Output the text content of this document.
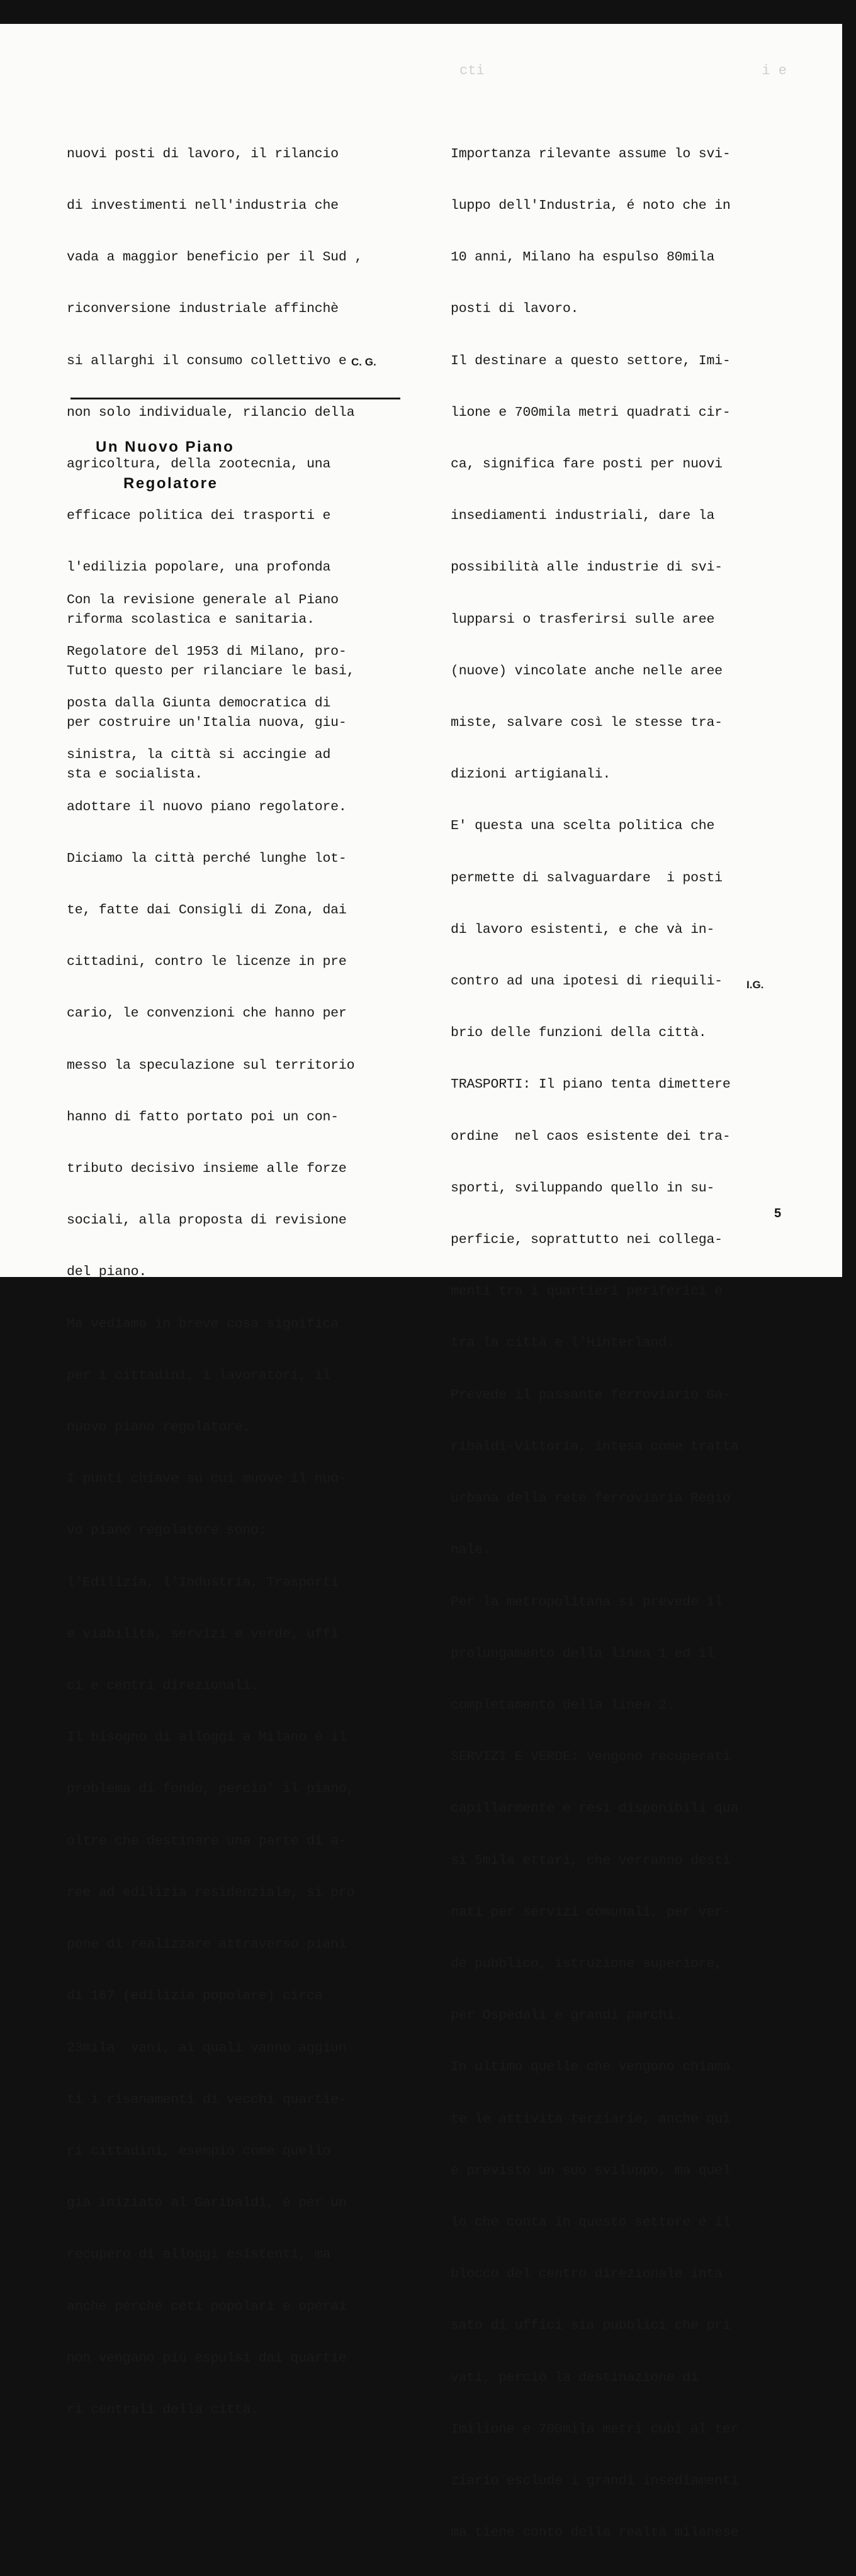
cti	i e

nuovi posti di lavoro, il rilancio

di investimenti nell'industria che

vada a maggior beneficio per il Sud ,

riconversione industriale affinchè

si allarghi il consumo collettivo e

non solo individuale, rilancio della

agricoltura, della zootecnia, una

efficace politica dei trasporti e

l'edilizia popolare, una profonda

riforma scolastica e sanitaria.

Tutto questo per rilanciare le basi,

per costruire un'Italia nuova, giu-

sta e socialista.

C. G.
Un Nuovo Piano
Regolatore

Con la revisione generale al Piano

Regolatore del 1953 di Milano, pro-

posta dalla Giunta democratica di

sinistra, la città si accingie ad

adottare il nuovo piano regolatore.

Diciamo la città perché lunghe lot-

te, fatte dai Consigli di Zona, dai

cittadini, contro le licenze in pre

cario, le convenzioni che hanno per

messo la speculazione sul territorio

hanno di fatto portato poi un con-

tributo decisivo insieme alle forze

sociali, alla proposta di revisione

del piano.

Ma vediamo in breve cosa significa

per i cittadini, i lavoratori, il

nuovo piano regolatore.

I punti chiave su cui muove il nuo-

vo piano regolatore sono:

l'Edilizia, l'Industria, Trasporti

e viabilità, servizi e verde, uffi

ci e centri direzionali.

Il bisogno di alloggi a Milano é il

problema di fondo, percio' il piano,

oltre che destinare una parte di a-

ree ad edilizia residenziale, si pro

pone di realizzare attraverso piani

di 167 (edilizia popolare) circa

23mila  vani, ai quali vanno aggiun

ti i risanamenti di vecchi quartie-

ri cittadini, esempio come quello

già iniziato al Garibaldi, é per un

recupero di alloggi esistenti, ma

anche perché ceti popolari e operai

non vengano più espulsi dai quartie

ri centrali della città.

Importanza rilevante assume lo svi-

luppo dell'Industria, é noto che in

10 anni, Milano ha espulso 80mila

posti di lavoro.

Il destinare a questo settore, Imi-

lione e 700mila metri quadrati cir-

ca, significa fare posti per nuovi

insediamenti industriali, dare la

possibilità alle industrie di svi-

lupparsi o trasferirsi sulle aree

(nuove) vincolate anche nelle aree

miste, salvare così le stesse tra-

dizioni artigianali.

E' questa una scelta politica che

permette di salvaguardare  i posti

di lavoro esistenti, e che và in-

contro ad una ipotesi di riequili-

brio delle funzioni della città.

TRASPORTI: Il piano tenta dimettere

ordine  nel caos esistente dei tra-

sporti, sviluppando quello in su-

perficie, soprattutto nei collega-

menti tra i quartieri periferici e

tra la città e l'Hinterland.

Prevede il passante ferroviario Ga-

ribaldi-Vittoria, intesa come tratta

urbana della rete ferroviaria Regio

nale.

Per la metropolitana si prevede il

prolungamento della linea 1 ed il

completamento della linea 2.

SERVIZI E VERDE: Vengono recuperati

capillarmente e resi disponibili qua

si 5mila ettari, che verranno desti

nati per servizi comunali, per ver-

de pubblico, istruzione superiore,

per Ospedali e grandi parchi.

In ultimo quelle che vengono chiama

te le attività terziarie, anche quì

é previsto un suo sviluppo, ma quel

lo che conta in questo settore é il

blocco del centro direzionale inta

sato di uffici sia pubblici che pri

vati, perciò la destinazione di

Imilione e 700mila metri cubi al ter

ziario esclude i grandi insediamenti

ma tiene conto della realtà milanese

I.G.
5
